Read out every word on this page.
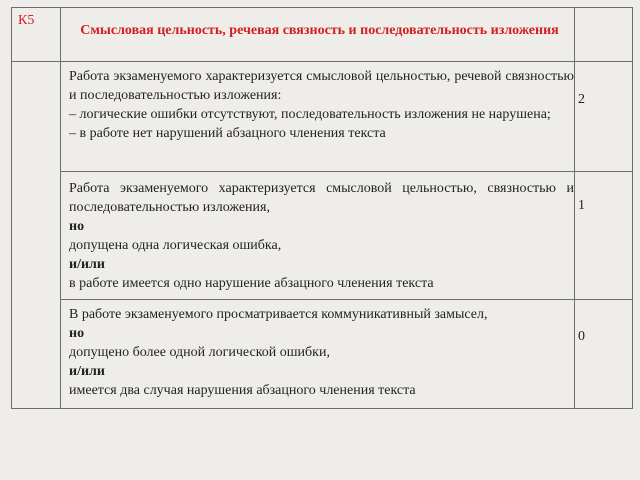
К5
Смысловая цельность, речевая связность и последовательность изложения
Работа экзаменуемого характеризуется смысловой цельностью, речевой связностью и последовательностью изложения:
– логические ошибки отсутствуют, последовательность изложения не нарушена;
– в работе нет нарушений абзацного членения текста
2
Работа экзаменуемого характеризуется смысловой цельностью, связностью и последовательностью изложения,
но
допущена одна логическая ошибка,
и/или
в работе имеется одно нарушение абзацного членения текста
1
В работе экзаменуемого просматривается коммуникативный замысел,
но
допущено более одной логической ошибки,
и/или
имеется два случая нарушения абзацного членения текста
0
